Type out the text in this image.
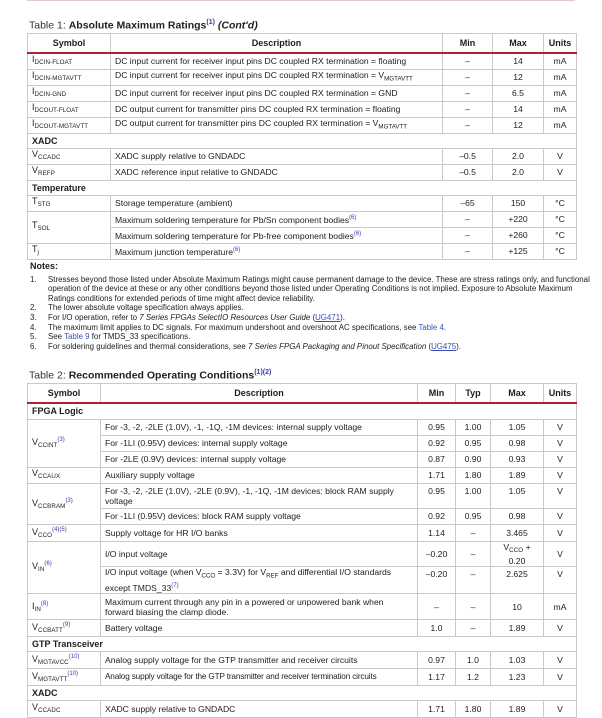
Table 1: Absolute Maximum Ratings$^{(1)}$ (Cont'd)
Symbol	Description	Min	Max	Units
$I_{DCIN-FLOAT}$	DC input current for receiver input pins DC coupled RX termination = floating	–	14	mA
$I_{DCIN-MGTAVTT}$	DC input current for receiver input pins DC coupled RX termination = $V_{MGTAVTT}$	–	12	mA
$I_{DCIN-GND}$	DC input current for receiver input pins DC coupled RX termination = GND	–	6.5	mA
$I_{DCOUT-FLOAT}$	DC output current for transmitter pins DC coupled RX termination = floating	–	14	mA
$I_{DCOUT-MGTAVTT}$	DC output current for transmitter pins DC coupled RX termination = $V_{MGTAVTT}$	–	12	mA
XADC				
$V_{CCADC}$	XADC supply relative to GNDADC	–0.5	2.0	V
$V_{REFP}$	XADC reference input relative to GNDADC	–0.5	2.0	V
Temperature				
$T_{STG}$	Storage temperature (ambient)	–65	150	°C
$T_{SOL}$	Maximum soldering temperature for Pb/Sn component bodies$^{(6)}$	–	+220	°C
	Maximum soldering temperature for Pb-free component bodies$^{(6)}$	–	+260	°C
$T_j$	Maximum junction temperature$^{(6)}$	–	+125	°C
Notes:
1.	Stresses beyond those listed under Absolute Maximum Ratings might cause permanent damage to the device. These are stress ratings only, and functional operation of the device at these or any other conditions beyond those listed under Operating Conditions is not implied. Exposure to Absolute Maximum Ratings conditions for extended periods of time might affect device reliability.
2.	The lower absolute voltage specification always applies.
3.	For I/O operation, refer to 7 Series FPGAs SelectIO Resources User Guide (UG471).
4.	The maximum limit applies to DC signals. For maximum undershoot and overshoot AC specifications, see Table 4.
5.	See Table 9 for TMDS_33 specifications.
6.	For soldering guidelines and thermal considerations, see 7 Series FPGA Packaging and Pinout Specification (UG475).
Table 2: Recommended Operating Conditions$^{(1)(2)}$
Symbol	Description	Min	Typ	Max	Units
FPGA Logic					
$V_{CCINT}^{(3)}$	For -3, -2, -2LE (1.0V), -1, -1Q, -1M devices: internal supply voltage	0.95	1.00	1.05	V
	For -1LI (0.95V) devices: internal supply voltage	0.92	0.95	0.98	V
	For -2LE (0.9V) devices: internal supply voltage	0.87	0.90	0.93	V
$V_{CCAUX}$	Auxiliary supply voltage	1.71	1.80	1.89	V
$V_{CCBRAM}^{(3)}$	For -3, -2, -2LE (1.0V), -2LE (0.9V), -1, -1Q, -1M devices: block RAM supply voltage	0.95	1.00	1.05	V
	For -1LI (0.95V) devices: block RAM supply voltage	0.92	0.95	0.98	V
$V_{CCO}^{(4)(5)}$	Supply voltage for HR I/O banks	1.14	–	3.465	V
$V_{IN}^{(6)}$	I/O input voltage	–0.20	–	$V_{CCO} + 0.20$	V
	I/O input voltage (when $V_{CCO} = 3.3V$) for $V_{REF}$ and differential I/O standards except TMDS_33$^{(7)}$	–0.20	–	2.625	V
$I_{IN}^{(8)}$	Maximum current through any pin in a powered or unpowered bank when forward biasing the clamp diode.	–	–	10	mA
$V_{CCBATT}^{(9)}$	Battery voltage	1.0	–	1.89	V
GTP Transceiver					
$V_{MGTAVCC}^{(10)}$	Analog supply voltage for the GTP transmitter and receiver circuits	0.97	1.0	1.03	V
$V_{MGTAVTT}^{(10)}$	Analog supply voltage for the GTP transmitter and receiver termination circuits	1.17	1.2	1.23	V
XADC					
$V_{CCADC}$	XADC supply relative to GNDADC	1.71	1.80	1.89	V
